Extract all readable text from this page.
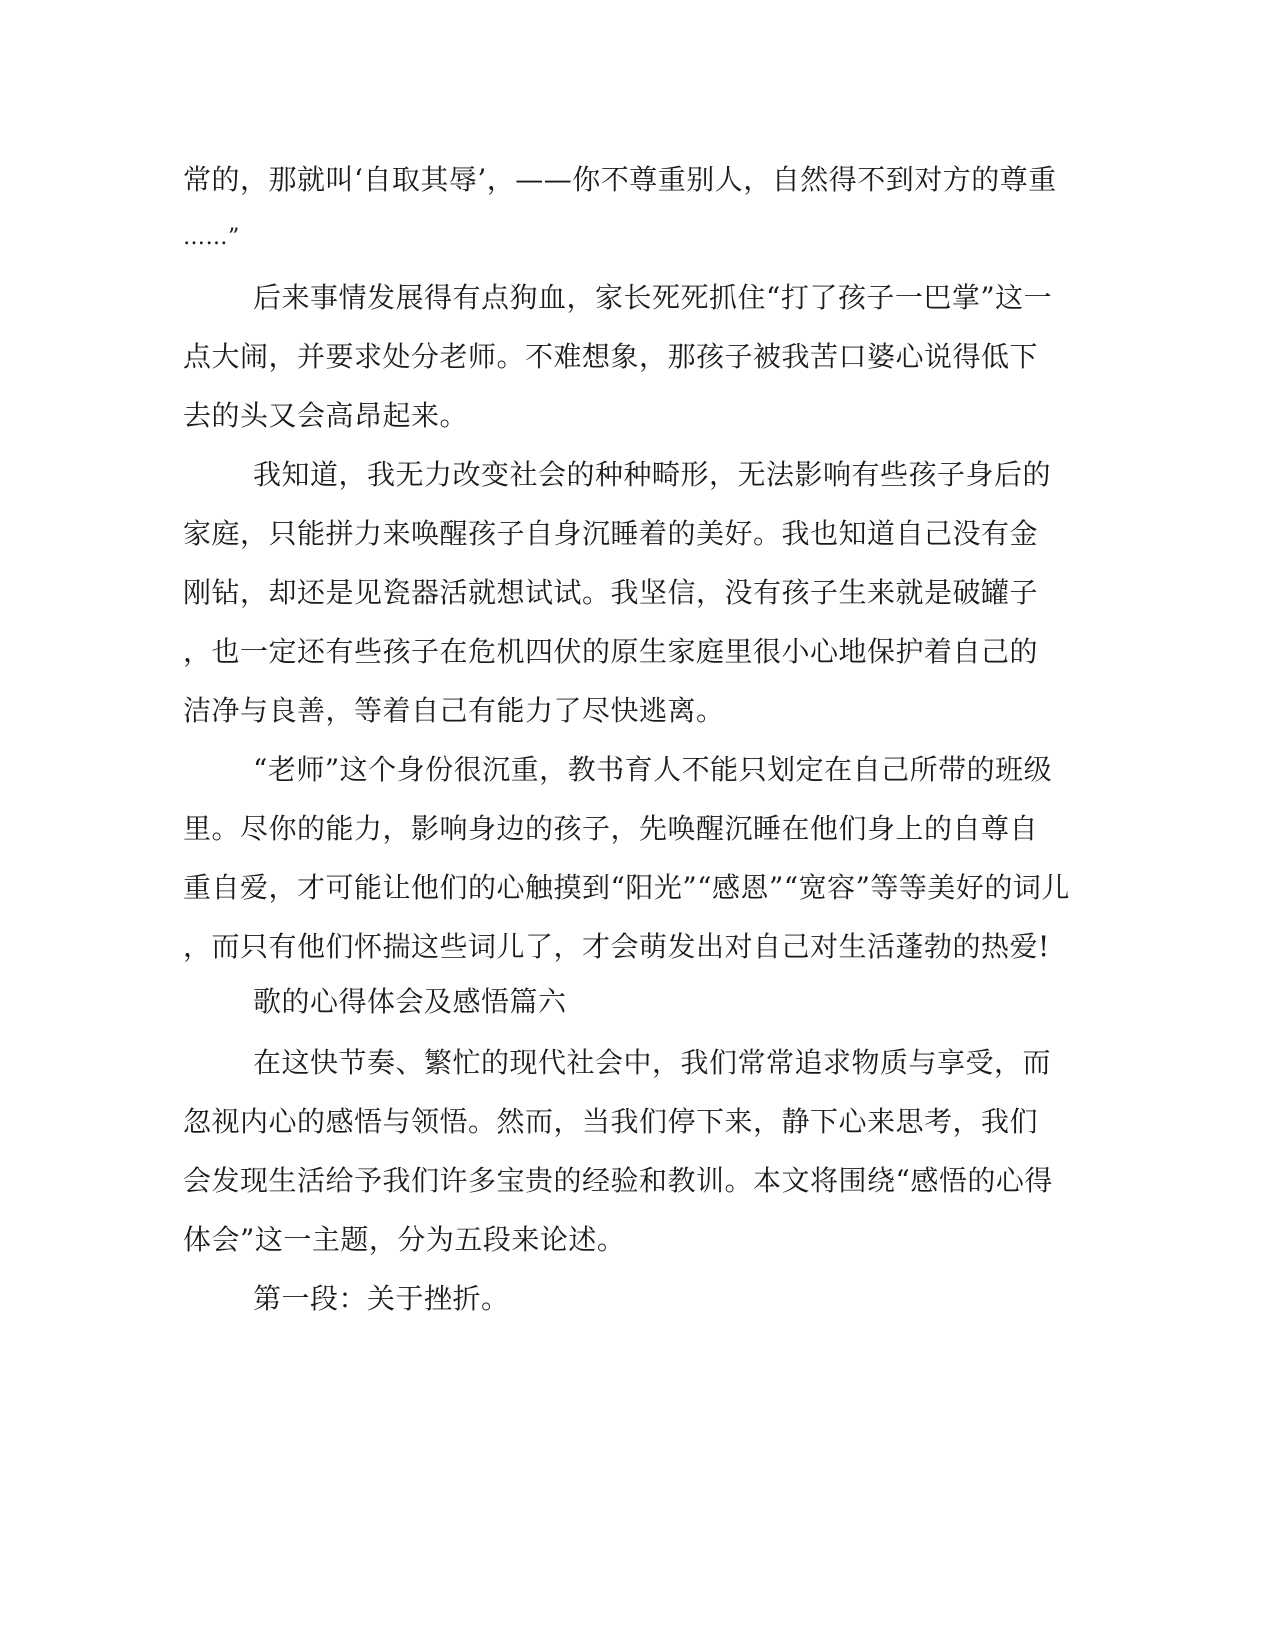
常的，那就叫‘自取其辱’，——你不尊重别人，自然得不到对方的尊重
……”
后来事情发展得有点狗血，家长死死抓住“打了孩子一巴掌”这一
点大闹，并要求处分老师。不难想象，那孩子被我苦口婆心说得低下
去的头又会高昂起来。
我知道，我无力改变社会的种种畸形，无法影响有些孩子身后的
家庭，只能拼力来唤醒孩子自身沉睡着的美好。我也知道自己没有金
刚钻，却还是见瓷器活就想试试。我坚信，没有孩子生来就是破罐子
，也一定还有些孩子在危机四伏的原生家庭里很小心地保护着自己的
洁净与良善，等着自己有能力了尽快逃离。
“老师”这个身份很沉重，教书育人不能只划定在自己所带的班级
里。尽你的能力，影响身边的孩子，先唤醒沉睡在他们身上的自尊自
重自爱，才可能让他们的心触摸到“阳光”“感恩”“宽容”等等美好的词儿
，而只有他们怀揣这些词儿了，才会萌发出对自己对生活蓬勃的热爱!
歌的心得体会及感悟篇六
在这快节奏、繁忙的现代社会中，我们常常追求物质与享受，而
忽视内心的感悟与领悟。然而，当我们停下来，静下心来思考，我们
会发现生活给予我们许多宝贵的经验和教训。本文将围绕“感悟的心得
体会”这一主题，分为五段来论述。
第一段：关于挫折。
